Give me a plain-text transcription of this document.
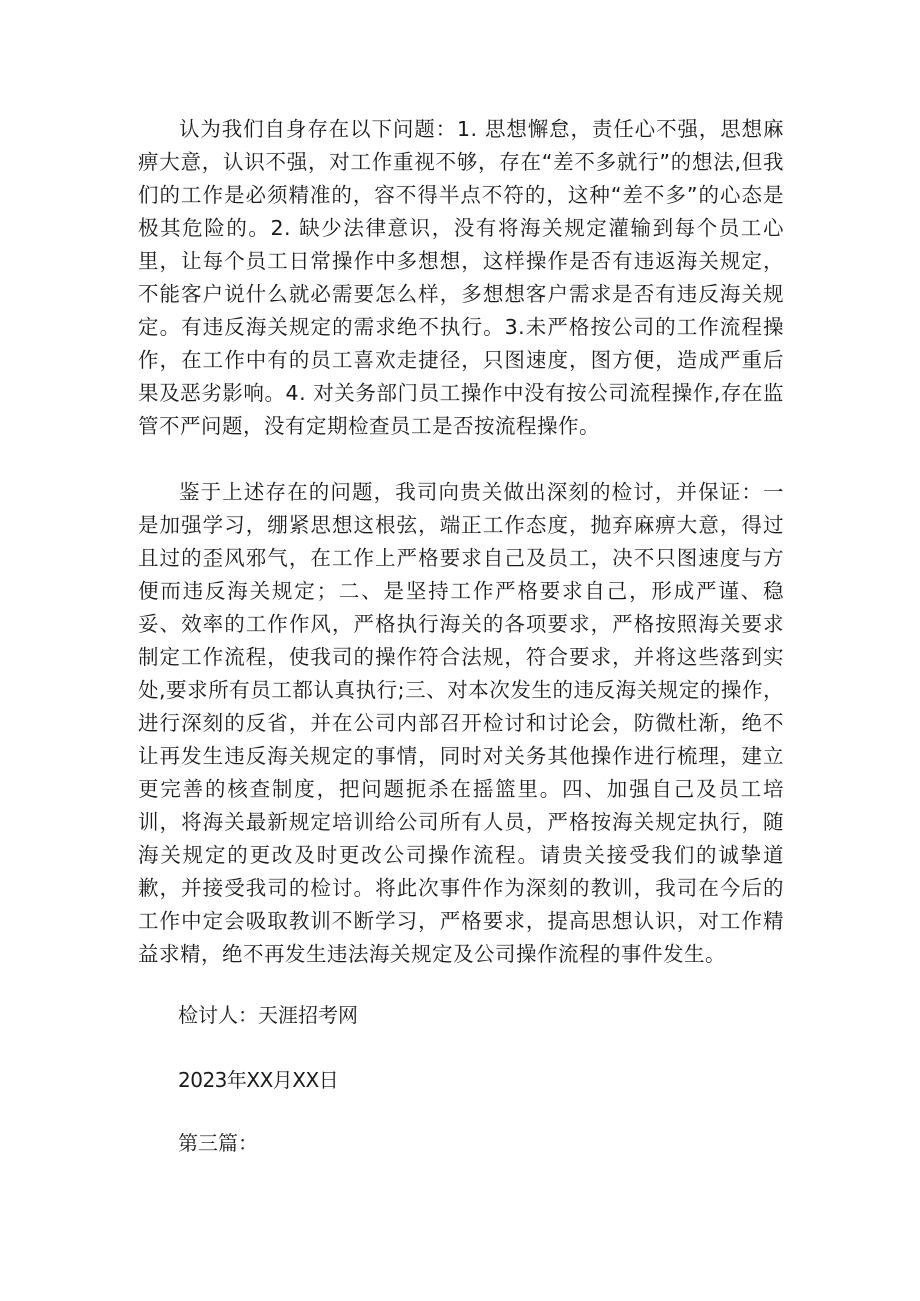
认为我们自身存在以下问题：1. 思想懈怠，责任心不强，思想麻痹大意，认识不强，对工作重视不够，存在“差不多就行”的想法,但我们的工作是必须精准的，容不得半点不符的，这种“差不多”的心态是极其危险的。2. 缺少法律意识，没有将海关规定灌输到每个员工心里，让每个员工日常操作中多想想，这样操作是否有违返海关规定，不能客户说什么就必需要怎么样，多想想客户需求是否有违反海关规定。有违反海关规定的需求绝不执行。3.未严格按公司的工作流程操作，在工作中有的员工喜欢走捷径，只图速度，图方便，造成严重后果及恶劣影响。4. 对关务部门员工操作中没有按公司流程操作,存在监管不严问题，没有定期检查员工是否按流程操作。

鉴于上述存在的问题，我司向贵关做出深刻的检讨，并保证：一是加强学习，绷紧思想这根弦，端正工作态度，抛弃麻痹大意，得过且过的歪风邪气，在工作上严格要求自己及员工，决不只图速度与方便而违反海关规定；二、是坚持工作严格要求自己，形成严谨、稳妥、效率的工作作风，严格执行海关的各项要求，严格按照海关要求制定工作流程，使我司的操作符合法规，符合要求，并将这些落到实处,要求所有员工都认真执行;三、对本次发生的违反海关规定的操作，进行深刻的反省，并在公司内部召开检讨和讨论会，防微杜渐，绝不让再发生违反海关规定的事情，同时对关务其他操作进行梳理，建立更完善的核查制度，把问题扼杀在摇篮里。四、加强自己及员工培训，将海关最新规定培训给公司所有人员，严格按海关规定执行，随海关规定的更改及时更改公司操作流程。请贵关接受我们的诚挚道歉，并接受我司的检讨。将此次事件作为深刻的教训，我司在今后的工作中定会吸取教训不断学习，严格要求，提高思想认识，对工作精益求精，绝不再发生违法海关规定及公司操作流程的事件发生。

检讨人：天涯招考网

2023年XX月XX日

第三篇：
